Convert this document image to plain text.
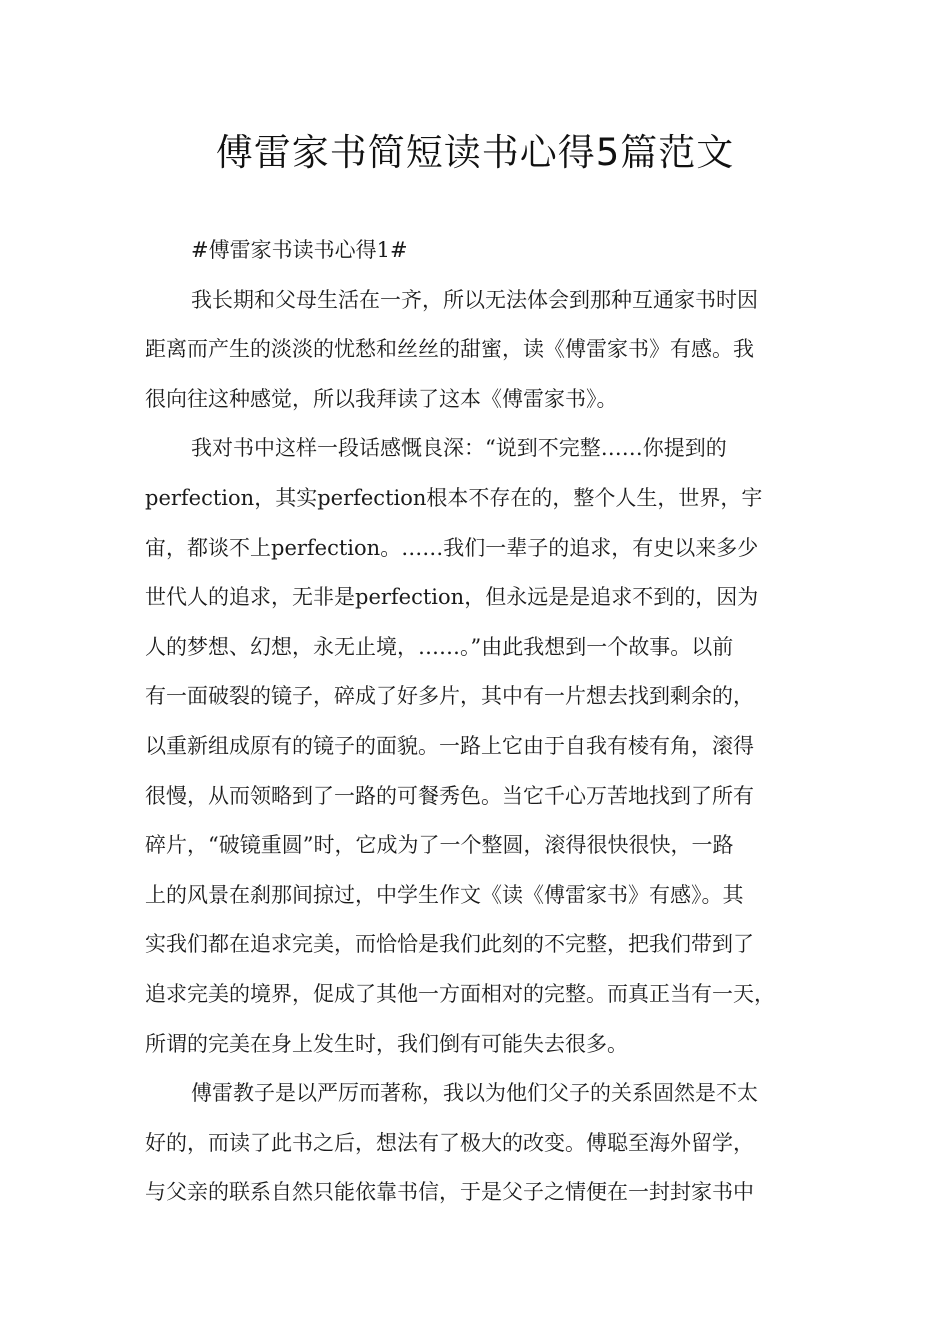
傅雷家书简短读书心得5篇范文
#傅雷家书读书心得1#
我长期和父母生活在一齐，所以无法体会到那种互通家书时因
距离而产生的淡淡的忧愁和丝丝的甜蜜，读《傅雷家书》有感。我
很向往这种感觉，所以我拜读了这本《傅雷家书》。
我对书中这样一段话感慨良深：“说到不完整……你提到的
perfection，其实perfection根本不存在的，整个人生，世界，宇
宙，都谈不上perfection。……我们一辈子的追求，有史以来多少
世代人的追求，无非是perfection，但永远是是追求不到的，因为
人的梦想、幻想，永无止境，……。”由此我想到一个故事。以前
有一面破裂的镜子，碎成了好多片，其中有一片想去找到剩余的，
以重新组成原有的镜子的面貌。一路上它由于自我有棱有角，滚得
很慢，从而领略到了一路的可餐秀色。当它千心万苦地找到了所有
碎片，“破镜重圆”时，它成为了一个整圆，滚得很快很快，一路
上的风景在刹那间掠过，中学生作文《读《傅雷家书》有感》。其
实我们都在追求完美，而恰恰是我们此刻的不完整，把我们带到了
追求完美的境界，促成了其他一方面相对的完整。而真正当有一天，
所谓的完美在身上发生时，我们倒有可能失去很多。
傅雷教子是以严厉而著称，我以为他们父子的关系固然是不太
好的，而读了此书之后，想法有了极大的改变。傅聪至海外留学，
与父亲的联系自然只能依靠书信，于是父子之情便在一封封家书中
